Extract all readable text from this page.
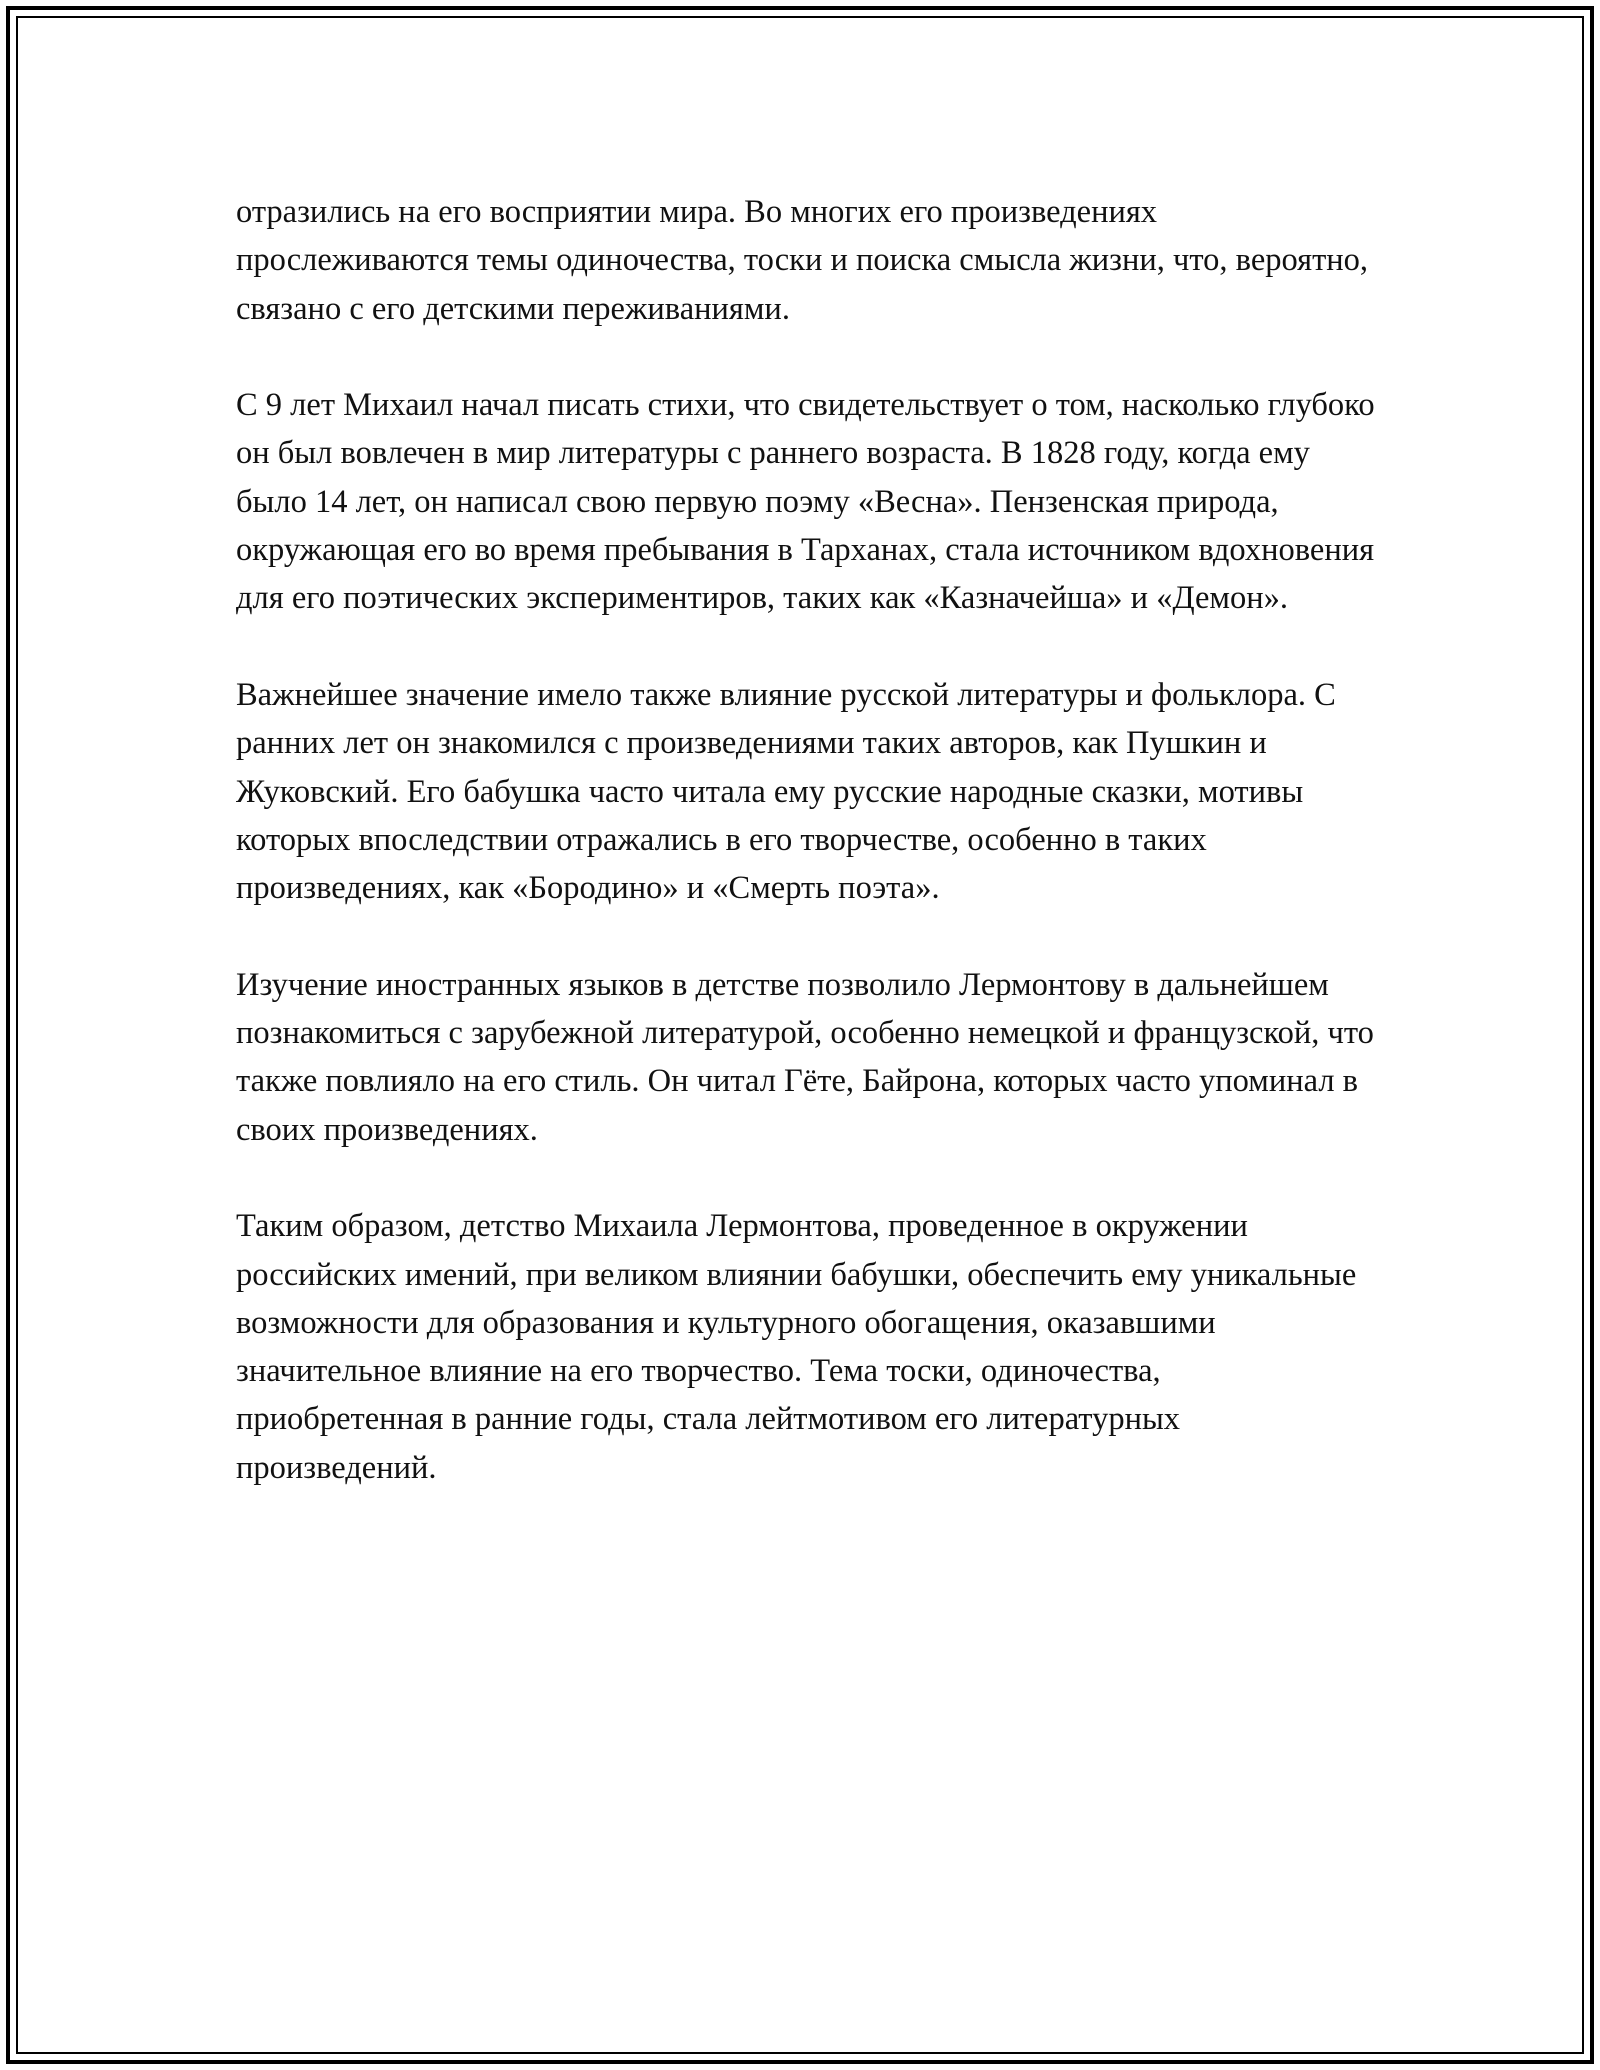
отразились на его восприятии мира. Во многих его произведениях прослеживаются темы одиночества, тоски и поиска смысла жизни, что, вероятно, связано с его детскими переживаниями.

С 9 лет Михаил начал писать стихи, что свидетельствует о том, насколько глубоко он был вовлечен в мир литературы с раннего возраста. В 1828 году, когда ему было 14 лет, он написал свою первую поэму «Весна». Пензенская природа, окружающая его во время пребывания в Тарханах, стала источником вдохновения для его поэтических экспериментиров, таких как «Казначейша» и «Демон».

Важнейшее значение имело также влияние русской литературы и фольклора. С ранних лет он знакомился с произведениями таких авторов, как Пушкин и Жуковский. Его бабушка часто читала ему русские народные сказки, мотивы которых впоследствии отражались в его творчестве, особенно в таких произведениях, как «Бородино» и «Смерть поэта».

Изучение иностранных языков в детстве позволило Лермонтову в дальнейшем познакомиться с зарубежной литературой, особенно немецкой и французской, что также повлияло на его стиль. Он читал Гёте, Байрона, которых часто упоминал в своих произведениях.

Таким образом, детство Михаила Лермонтова, проведенное в окружении российских имений, при великом влиянии бабушки, обеспечить ему уникальные возможности для образования и культурного обогащения, оказавшими значительное влияние на его творчество. Тема тоски, одиночества, приобретенная в ранние годы, стала лейтмотивом его литературных произведений.
